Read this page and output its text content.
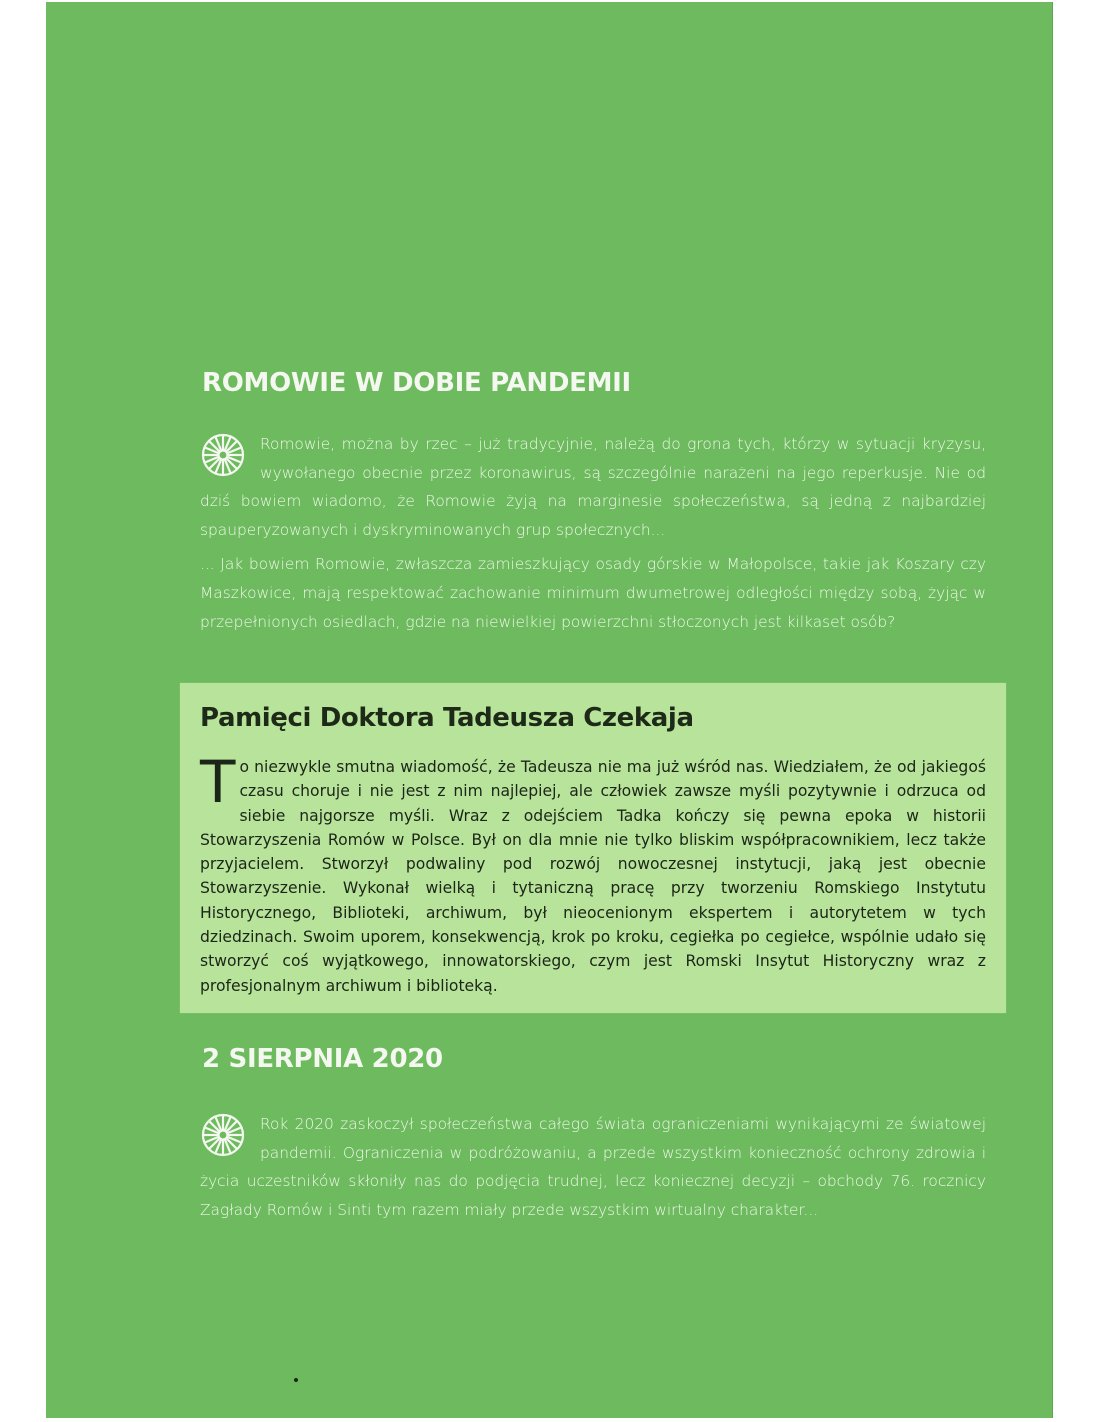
ROMOWIE W DOBIE PANDEMII

Romowie, można by rzec – już tradycyjnie, należą do grona tych, którzy w sytuacji kryzysu, wywołanego obecnie przez koronawirus, są szczególnie narażeni na jego reperkusje. Nie od dziś bowiem wiadomo, że Romowie żyją na marginesie społeczeństwa, są jedną z najbardziej spauperyzowanych i dyskryminowanych grup społecznych...

... Jak bowiem Romowie, zwłaszcza zamieszkujący osady górskie w Małopolsce, takie jak Koszary czy Maszkowice, mają respektować zachowanie minimum dwumetrowej odległości między sobą, żyjąc w przepełnionych osiedlach, gdzie na niewielkiej powierzchni stłoczonych jest kilkaset osób?

Pamięci Doktora Tadeusza Czekaja
To niezwykle smutna wiadomość, że Tadeusza nie ma już wśród nas. Wiedziałem, że od jakiegoś czasu choruje i nie jest z nim najlepiej, ale człowiek zawsze myśli pozytywnie i odrzuca od siebie najgorsze myśli. Wraz z odejściem Tadka kończy się pewna epoka w historii Stowarzyszenia Romów w Polsce. Był on dla mnie nie tylko bliskim współpracownikiem, lecz także przyjacielem. Stworzył podwaliny pod rozwój nowoczesnej instytucji, jaką jest obecnie Stowarzyszenie. Wykonał wielką i tytaniczną pracę przy tworzeniu Romskiego Instytutu Historycznego, Biblioteki, archiwum, był nieocenionym ekspertem i autorytetem w tych dziedzinach. Swoim uporem, konsekwencją, krok po kroku, cegiełka po cegiełce, wspólnie udało się stworzyć coś wyjątkowego, innowatorskiego, czym jest Romski Insytut Historyczny wraz z profesjonalnym archiwum i biblioteką.
2 SIERPNIA 2020

Rok 2020 zaskoczył społeczeństwa całego świata ograniczeniami wynikającymi ze światowej pandemii. Ograniczenia w podróżowaniu, a przede wszystkim konieczność ochrony zdrowia i życia uczestników skłoniły nas do podjęcia trudnej, lecz koniecznej decyzji – obchody 76. rocznicy Zagłady Romów i Sinti tym razem miały przede wszystkim wirtualny charakter...
